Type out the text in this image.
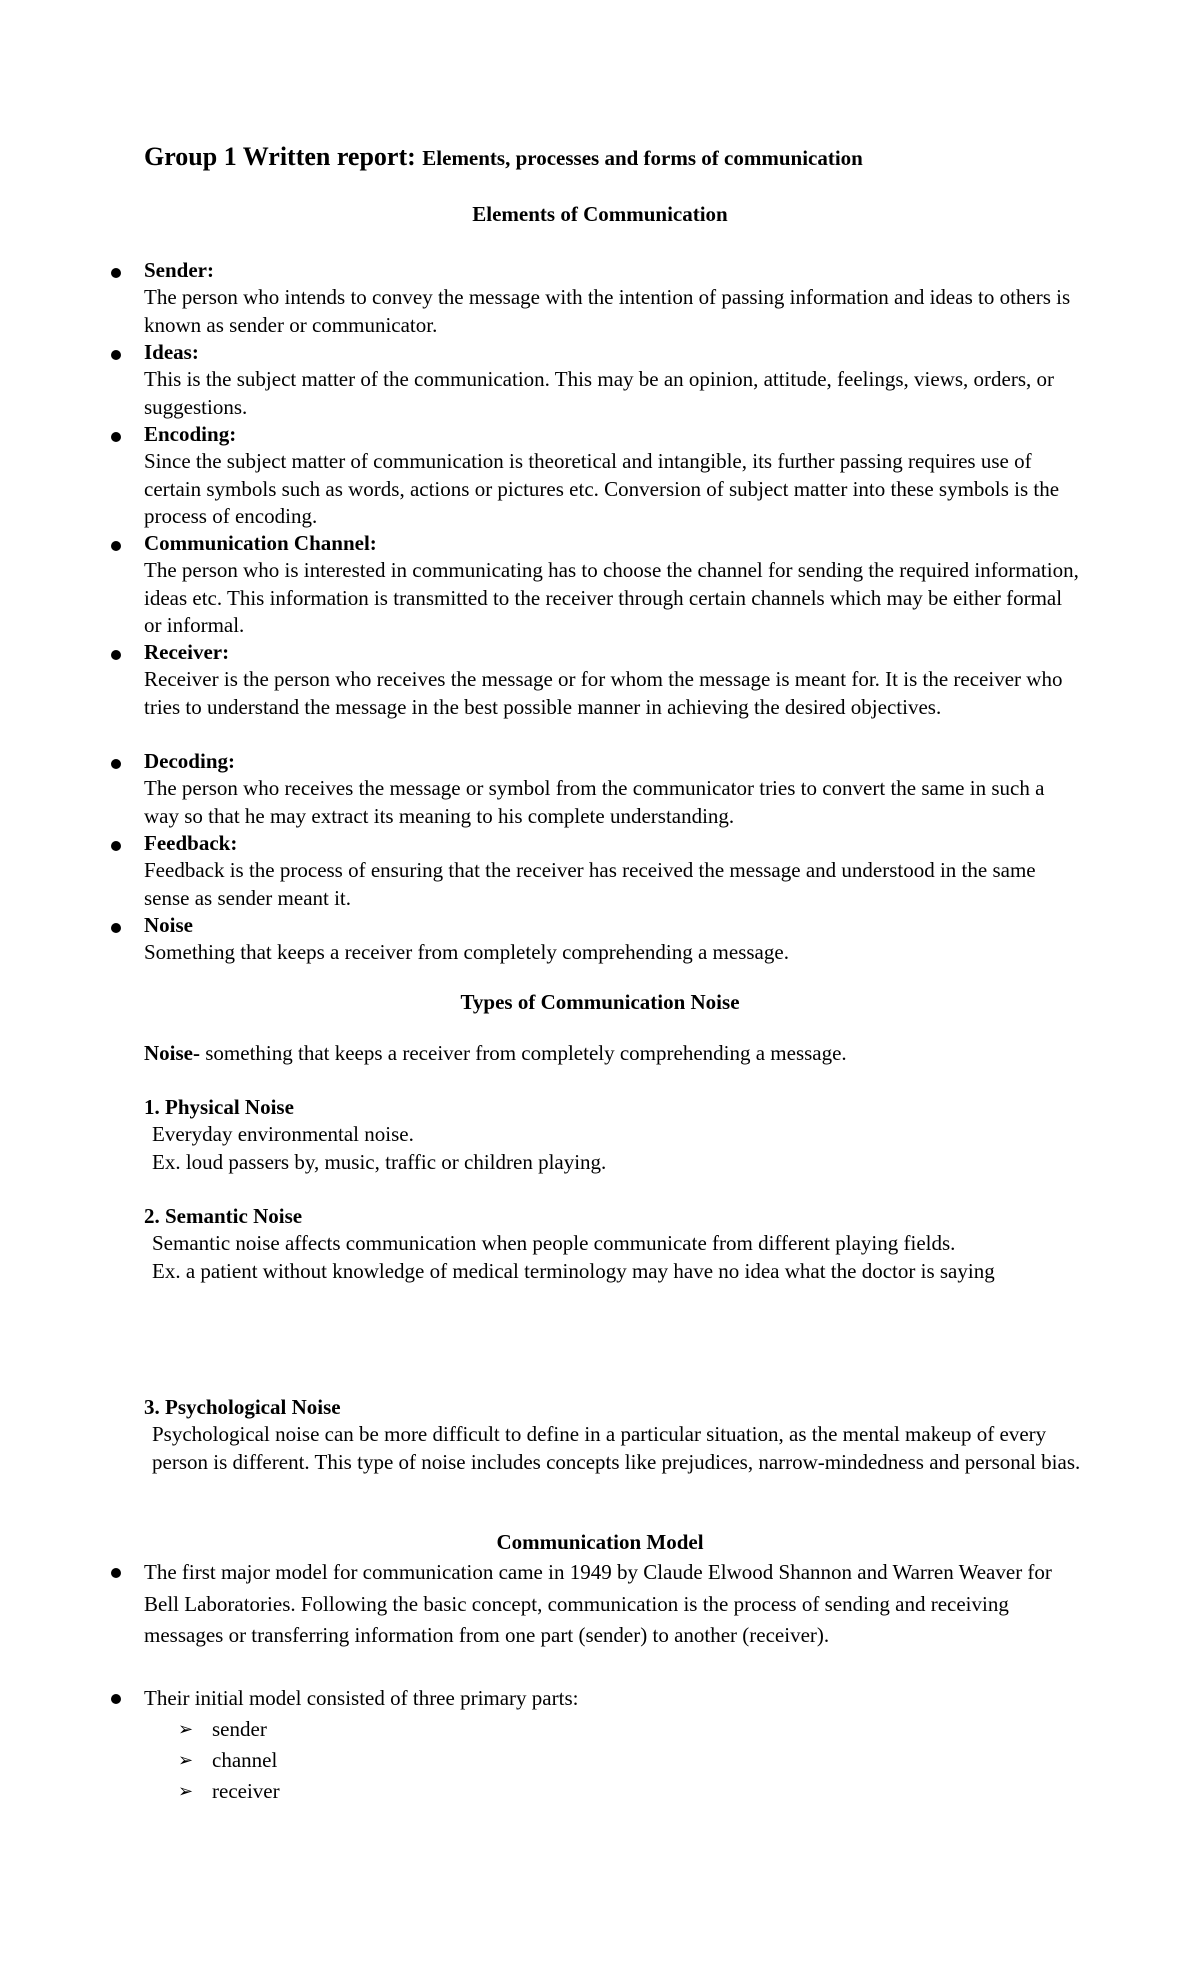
Group 1 Written report: Elements, processes and forms of communication
Elements of Communication
Sender:
The person who intends to convey the message with the intention of passing information and ideas to others is known as sender or communicator.
Ideas:
This is the subject matter of the communication. This may be an opinion, attitude, feelings, views, orders, or suggestions.
Encoding:
Since the subject matter of communication is theoretical and intangible, its further passing requires use of certain symbols such as words, actions or pictures etc. Conversion of subject matter into these symbols is the process of encoding.
Communication Channel:
The person who is interested in communicating has to choose the channel for sending the required information, ideas etc. This information is transmitted to the receiver through certain channels which may be either formal or informal.
Receiver:
Receiver is the person who receives the message or for whom the message is meant for. It is the receiver who tries to understand the message in the best possible manner in achieving the desired objectives.
Decoding:
The person who receives the message or symbol from the communicator tries to convert the same in such a way so that he may extract its meaning to his complete understanding.
Feedback:
Feedback is the process of ensuring that the receiver has received the message and understood in the same sense as sender meant it.
Noise
Something that keeps a receiver from completely comprehending a message.
Types of Communication Noise
Noise- something that keeps a receiver from completely comprehending a message.
1. Physical Noise
Everyday environmental noise.
Ex. loud passers by, music, traffic or children playing.
2. Semantic Noise
Semantic noise affects communication when people communicate from different playing fields.
Ex. a patient without knowledge of medical terminology may have no idea what the doctor is saying
3. Psychological Noise
Psychological noise can be more difficult to define in a particular situation, as the mental makeup of every person is different. This type of noise includes concepts like prejudices, narrow-mindedness and personal bias.
Communication Model
The first major model for communication came in 1949 by Claude Elwood Shannon and Warren Weaver for Bell Laboratories. Following the basic concept, communication is the process of sending and receiving messages or transferring information from one part (sender) to another (receiver).
Their initial model consisted of three primary parts:
➢ sender
➢ channel
➢ receiver
